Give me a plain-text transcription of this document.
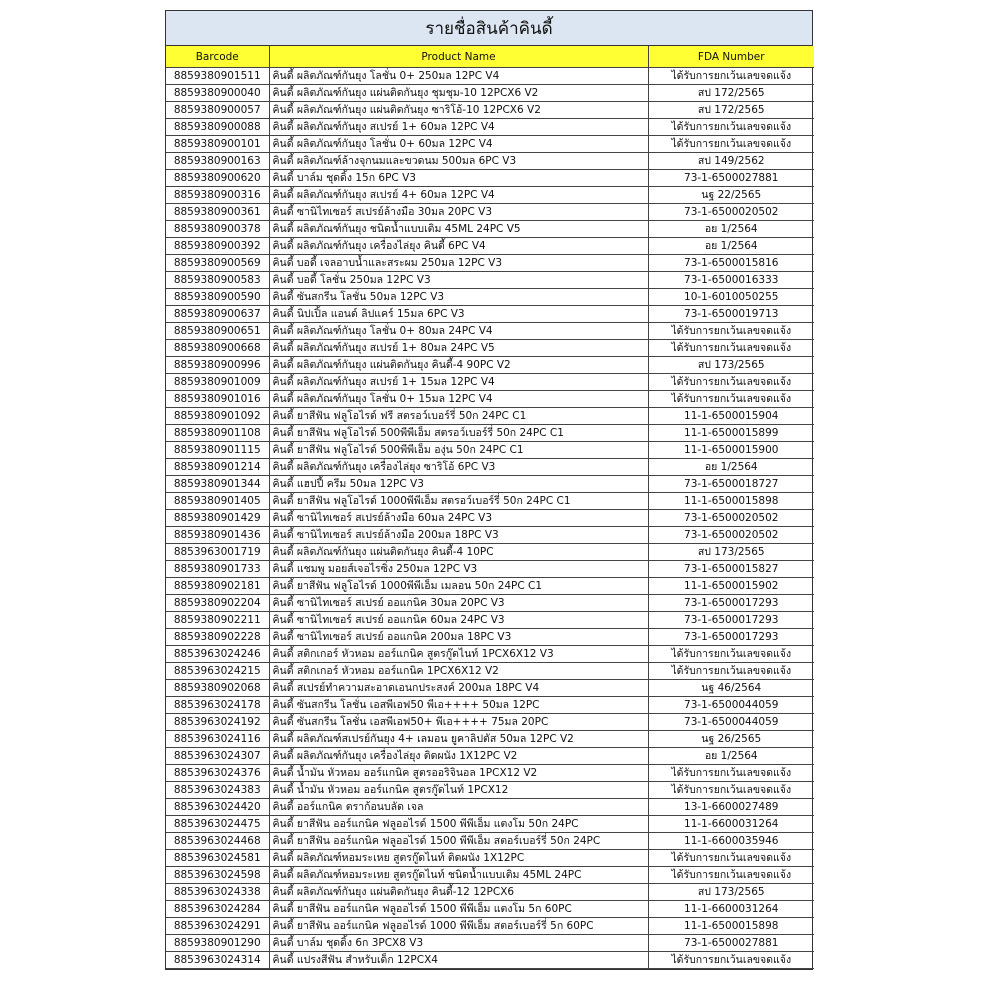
รายชื่อสินค้าคินดี้
Barcode	Product Name	FDA Number
8859380901511	คินดี้ ผลิตภัณฑ์กันยุง โลชั่น 0+ 250มล 12PC V4	ได้รับการยกเว้นเลขจดแจ้ง
8859380900040	คินดี้ ผลิตภัณฑ์กันยุง แผ่นติดกันยุง ชุมชุม-10 12PCX6 V2	สป 172/2565
8859380900057	คินดี้ ผลิตภัณฑ์กันยุง แผ่นติดกันยุง ซาริโอ้-10 12PCX6 V2	สป 172/2565
8859380900088	คินดี้ ผลิตภัณฑ์กันยุง สเปรย์ 1+ 60มล 12PC V4	ได้รับการยกเว้นเลขจดแจ้ง
8859380900101	คินดี้ ผลิตภัณฑ์กันยุง โลชั่น 0+ 60มล 12PC V4	ได้รับการยกเว้นเลขจดแจ้ง
8859380900163	คินดี้ ผลิตภัณฑ์ล้างจุกนมและขวดนม 500มล 6PC V3	สป 149/2562
8859380900620	คินดี้ บาล์ม ชุดดิ้ง 15ก 6PC V3	73-1-6500027881
8859380900316	คินดี้ ผลิตภัณฑ์กันยุง สเปรย์ 4+ 60มล 12PC V4	นฐ 22/2565
8859380900361	คินดี้ ซานิไทเซอร์ สเปรย์ล้างมือ 30มล 20PC V3	73-1-6500020502
8859380900378	คินดี้ ผลิตภัณฑ์กันยุง ชนิดน้ำแบบเติม 45ML 24PC V5	อย 1/2564
8859380900392	คินดี้ ผลิตภัณฑ์กันยุง เครื่องไล่ยุง คินดี้ 6PC V4	อย 1/2564
8859380900569	คินดี้ บอดี้ เจลอาบน้ำและสระผม 250มล 12PC V3	73-1-6500015816
8859380900583	คินดี้ บอดี้ โลชั่น 250มล 12PC V3	73-1-6500016333
8859380900590	คินดี้ ซันสกรีน โลชั่น 50มล 12PC V3	10-1-6010050255
8859380900637	คินดี้ นิปเปิ้ล แอนด์ ลิปแคร์ 15มล 6PC V3	73-1-6500019713
8859380900651	คินดี้ ผลิตภัณฑ์กันยุง โลชั่น 0+ 80มล 24PC V4	ได้รับการยกเว้นเลขจดแจ้ง
8859380900668	คินดี้ ผลิตภัณฑ์กันยุง สเปรย์ 1+ 80มล 24PC V5	ได้รับการยกเว้นเลขจดแจ้ง
8859380900996	คินดี้ ผลิตภัณฑ์กันยุง แผ่นติดกันยุง คินดี้-4 90PC V2	สป 173/2565
8859380901009	คินดี้ ผลิตภัณฑ์กันยุง สเปรย์ 1+ 15มล 12PC V4	ได้รับการยกเว้นเลขจดแจ้ง
8859380901016	คินดี้ ผลิตภัณฑ์กันยุง โลชั่น 0+ 15มล 12PC V4	ได้รับการยกเว้นเลขจดแจ้ง
8859380901092	คินดี้ ยาสีฟัน ฟลูโอไรด์ ฟรี สตรอว์เบอร์รี่ 50ก 24PC C1	11-1-6500015904
8859380901108	คินดี้ ยาสีฟัน ฟลูโอไรด์ 500พีพีเอ็ม สตรอว์เบอร์รี่ 50ก 24PC C1	11-1-6500015899
8859380901115	คินดี้ ยาสีฟัน ฟลูโอไรด์ 500พีพีเอ็ม องุ่น 50ก 24PC C1	11-1-6500015900
8859380901214	คินดี้ ผลิตภัณฑ์กันยุง เครื่องไล่ยุง ซาริโอ้ 6PC V3	อย 1/2564
8859380901344	คินดี้ แฮปปี้ ครีม 50มล 12PC V3	73-1-6500018727
8859380901405	คินดี้ ยาสีฟัน ฟลูโอไรด์ 1000พีพีเอ็ม สตรอว์เบอร์รี่ 50ก 24PC C1	11-1-6500015898
8859380901429	คินดี้ ซานิไทเซอร์ สเปรย์ล้างมือ 60มล 24PC V3	73-1-6500020502
8859380901436	คินดี้ ซานิไทเซอร์ สเปรย์ล้างมือ 200มล 18PC V3	73-1-6500020502
8853963001719	คินดี้ ผลิตภัณฑ์กันยุง แผ่นติดกันยุง คินดี้-4 10PC	สป 173/2565
8859380901733	คินดี้ แชมพู มอยส์เจอไรซิ่ง 250มล 12PC V3	73-1-6500015827
8859380902181	คินดี้ ยาสีฟัน ฟลูโอไรด์ 1000พีพีเอ็ม เมลอน 50ก 24PC C1	11-1-6500015902
8859380902204	คินดี้ ซานิไทเซอร์ สเปรย์ ออแกนิค 30มล 20PC V3	73-1-6500017293
8859380902211	คินดี้ ซานิไทเซอร์ สเปรย์ ออแกนิค 60มล 24PC V3	73-1-6500017293
8859380902228	คินดี้ ซานิไทเซอร์ สเปรย์ ออแกนิค 200มล 18PC V3	73-1-6500017293
8853963024246	คินดี้ สติกเกอร์ หัวหอม ออร์แกนิค สูตรกู๊ดไนท์ 1PCX6X12 V3	ได้รับการยกเว้นเลขจดแจ้ง
8853963024215	คินดี้ สติกเกอร์ หัวหอม ออร์แกนิค 1PCX6X12 V2	ได้รับการยกเว้นเลขจดแจ้ง
8859380902068	คินดี้ สเปรย์ทำความสะอาดเอนกประสงค์ 200มล 18PC V4	นฐ 46/2564
8853963024178	คินดี้ ซันสกรีน โลชั่น เอสพีเอฟ50 พีเอ++++ 50มล 12PC	73-1-6500044059
8853963024192	คินดี้ ซันสกรีน โลชั่น เอสพีเอฟ50+ พีเอ++++ 75มล 20PC	73-1-6500044059
8853963024116	คินดี้ ผลิตภัณฑ์สเปรย์กันยุง 4+ เลมอน ยูคาลิปตัส 50มล 12PC V2	นฐ 26/2565
8853963024307	คินดี้ ผลิตภัณฑ์กันยุง เครื่องไล่ยุง ติดผนัง 1X12PC V2	อย 1/2564
8853963024376	คินดี้ น้ำมัน หัวหอม ออร์แกนิค สูตรออริจินอล 1PCX12 V2	ได้รับการยกเว้นเลขจดแจ้ง
8853963024383	คินดี้ น้ำมัน หัวหอม ออร์แกนิค สูตรกู๊ดไนท์ 1PCX12	ได้รับการยกเว้นเลขจดแจ้ง
8853963024420	คินดี้ ออร์แกนิค ตราก้อนบลัด เจล	13-1-6600027489
8853963024475	คินดี้ ยาสีฟัน ออร์แกนิค ฟลูออไรด์ 1500 พีพีเอ็ม แตงโม 50ก 24PC	11-1-6600031264
8853963024468	คินดี้ ยาสีฟัน ออร์แกนิค ฟลูออไรด์ 1500 พีพีเอ็ม สตอร์เบอร์รี่ 50ก 24PC	11-1-6600035946
8853963024581	คินดี้ ผลิตภัณฑ์หอมระเหย สูตรกู๊ดไนท์ ติดผนัง 1X12PC	ได้รับการยกเว้นเลขจดแจ้ง
8853963024598	คินดี้ ผลิตภัณฑ์หอมระเหย สูตรกู๊ดไนท์ ชนิดน้ำแบบเติม 45ML 24PC	ได้รับการยกเว้นเลขจดแจ้ง
8853963024338	คินดี้ ผลิตภัณฑ์กันยุง แผ่นติดกันยุง คินดี้-12 12PCX6	สป 173/2565
8853963024284	คินดี้ ยาสีฟัน ออร์แกนิค ฟลูออไรด์ 1500 พีพีเอ็ม แตงโม 5ก 60PC	11-1-6600031264
8853963024291	คินดี้ ยาสีฟัน ออร์แกนิค ฟลูออไรด์ 1000 พีพีเอ็ม สตอร์เบอร์รี่ 5ก 60PC	11-1-6500015898
8859380901290	คินดี้ บาล์ม ชุดดิ้ง 6ก 3PCX8 V3	73-1-6500027881
8853963024314	คินดี้ แปรงสีฟัน สำหรับเด็ก 12PCX4	ได้รับการยกเว้นเลขจดแจ้ง
